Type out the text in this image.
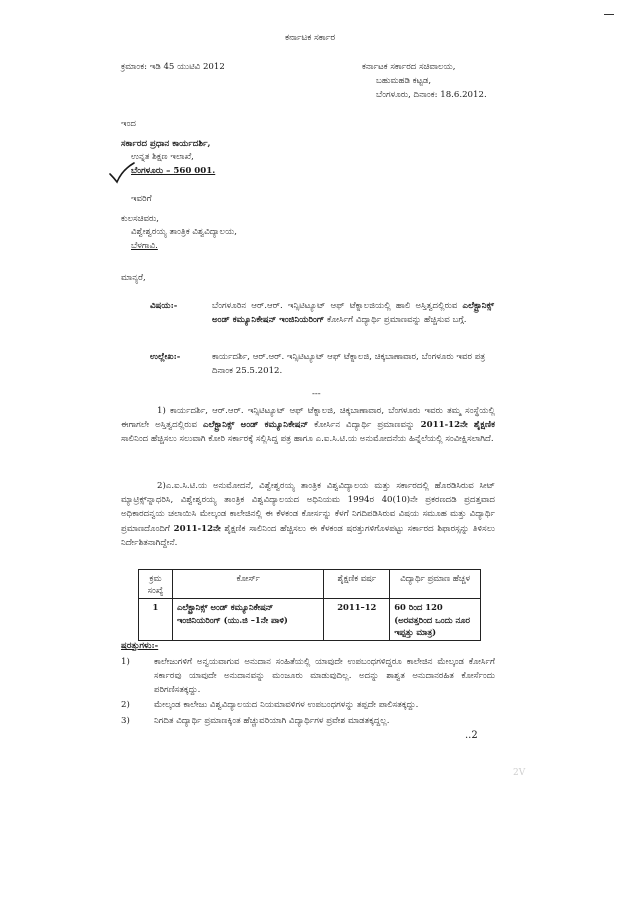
ಕರ್ನಾಟಕ ಸರ್ಕಾರ
ಕ್ರಮಾಂಕ: ಇಡಿ 45 ಯುಟಿವಿ 2012	ಕರ್ನಾಟಕ ಸರ್ಕಾರದ ಸಚಿವಾಲಯ,
ಬಹುಮಹಡಿ ಕಟ್ಟಡ,
ಬೆಂಗಳೂರು, ದಿನಾಂಕ: 18.6.2012.
ಇಂದ
ಸರ್ಕಾರದ ಪ್ರಧಾನ ಕಾರ್ಯದರ್ಶಿ,
ಉನ್ನತ ಶಿಕ್ಷಣ ಇಲಾಖೆ,
ಬೆಂಗಳೂರು – 560 001.
ಇವರಿಗೆ
ಕುಲಸಚಿವರು,
ವಿಶ್ವೇಶ್ವರಯ್ಯ ತಾಂತ್ರಿಕ ವಿಶ್ವವಿದ್ಯಾಲಯ,
ಬೆಳಗಾವಿ.
ಮಾನ್ಯರೆ,
ವಿಷಯ:-	ಬೆಂಗಳೂರಿನ ಆರ್.ಆರ್. ಇನ್ಸಿಟಿಟ್ಯೂಟ್ ಆಫ್ ಟೆಕ್ನಾಲಜಿಯಲ್ಲಿ ಹಾಲಿ ಅಸ್ತಿತ್ವದಲ್ಲಿರುವ ಎಲೆಕ್ಟ್ರಾನಿಕ್ಸ್ ಅಂಡ್ ಕಮ್ಯೂನಿಕೇಷನ್ ಇಂಜಿನಿಯರಿಂಗ್ ಕೋರ್ಸಿಗೆ ವಿದ್ಯಾರ್ಥಿ ಪ್ರಮಾಣವನ್ನು ಹೆಚ್ಚಿಸುವ ಬಗ್ಗೆ.
ಉಲ್ಲೇಖ:-	ಕಾರ್ಯದರ್ಶಿ, ಆರ್.ಆರ್. ಇನ್ಸಿಟಿಟ್ಯೂಟ್ ಆಫ್ ಟೆಕ್ನಾಲಜಿ, ಚಿಕ್ಕಬಾಣಾವಾರ, ಬೆಂಗಳೂರು ಇವರ ಪತ್ರ ದಿನಾಂಕ 25.5.2012.
---
1) ಕಾರ್ಯದರ್ಶಿ, ಆರ್.ಆರ್. ಇನ್ಸಿಟಿಟ್ಯೂಟ್ ಆಫ್ ಟೆಕ್ನಾಲಜಿ, ಚಿಕ್ಕಬಾಣಾವಾರ, ಬೆಂಗಳೂರು ಇವರು ತಮ್ಮ ಸಂಸ್ಥೆಯಲ್ಲಿ ಈಗಾಗಲೇ ಅಸ್ತಿತ್ವದಲ್ಲಿರುವ ಎಲೆಕ್ಟ್ರಾನಿಕ್ಸ್ ಅಂಡ್ ಕಮ್ಯೂನಿಕೇಷನ್ ಕೋರ್ಸಿನ ವಿದ್ಯಾರ್ಥಿ ಪ್ರಮಾಣವನ್ನು 2011-12ನೇ ಶೈಕ್ಷಣಿಕ ಸಾಲಿನಿಂದ ಹೆಚ್ಚಿಸಲು ಸಲುವಾಗಿ ಕೋರಿ ಸರ್ಕಾರಕ್ಕೆ ಸಲ್ಲಿಸಿದ್ದ ಪತ್ರ ಹಾಗೂ ಎ.ಐ.ಸಿ.ಟಿ.ಯ ಅನುಮೋದನೆಯ ಹಿನ್ನೆಲೆಯಲ್ಲಿ ಸಂವೀಕ್ಷಿಸಲಾಗಿದೆ.
2)ಎ.ಐ.ಸಿ.ಟಿ.ಯ ಅನುಮೋದನೆ, ವಿಶ್ವೇಶ್ವರಯ್ಯ ತಾಂತ್ರಿಕ ವಿಶ್ವವಿದ್ಯಾಲಯ ಮತ್ತು ಸರ್ಕಾರದಲ್ಲಿ ಹೊರಡಿಸಿರುವ ಸೀಟ್ ಮ್ಯಾಟ್ರಿಕ್ಸ್‌ನ್ನಾಧರಿಸಿ, ವಿಶ್ವೇಶ್ವರಯ್ಯ ತಾಂತ್ರಿಕ ವಿಶ್ವವಿದ್ಯಾಲಯದ ಅಧಿನಿಯಮ 1994ರ 40(10)ನೇ ಪ್ರಕರಣದಡಿ ಪ್ರದತ್ತವಾದ ಅಧಿಕಾರದನ್ವಯ ಚಲಾಯಿಸಿ ಮೇಲ್ಕಂಡ ಕಾಲೇಜಿನಲ್ಲಿ ಈ ಕೆಳಕಂಡ ಕೋರ್ಸನ್ನು ಕೆಳಗೆ ನಿಗದಿಪಡಿಸಿರುವ ವಿಷಯ ಸಮೂಹ ಮತ್ತು ವಿದ್ಯಾರ್ಥಿ ಪ್ರಮಾಣದೊಂದಿಗೆ 2011-12ನೇ ಶೈಕ್ಷಣಿಕ ಸಾಲಿನಿಂದ ಹೆಚ್ಚಿಸಲು ಈ ಕೆಳಕಂಡ ಷರತ್ತುಗಳಿಗೊಳಪಟ್ಟು ಸರ್ಕಾರದ ಶಿಫಾರಸ್ಸನ್ನು ತಿಳಿಸಲು ನಿರ್ದೇಶಿತನಾಗಿದ್ದೇನೆ.
ಕ್ರಮ ಸಂಖ್ಯೆ	ಕೋರ್ಸ್	ಶೈಕ್ಷಣಿಕ ವರ್ಷ	ವಿದ್ಯಾರ್ಥಿ ಪ್ರಮಾಣ ಹೆಚ್ಚಳ
1	ಎಲೆಕ್ಟ್ರಾನಿಕ್ಸ್ ಅಂಡ್ ಕಮ್ಯೂನಿಕೇಷನ್ ಇಂಜಿನಿಯರಿಂಗ್ (ಯು.ಜಿ –1ನೇ ಪಾಳಿ)	2011–12	60 ರಿಂದ 120
(ಅರವತ್ತರಿಂದ ಒಂದು ನೂರ ಇಪ್ಪತ್ತು ಮಾತ್ರ)
ಷರತ್ತುಗಳು:-
1)	ಕಾಲೇಜುಗಳಿಗೆ ಅನ್ವಯವಾಗುವ ಅನುದಾನ ಸಂಹಿತೆಯಲ್ಲಿ ಯಾವುದೇ ಉಪಬಂಧಗಳಿದ್ದರೂ ಕಾಲೇಜಿನ ಮೇಲ್ಕಂಡ ಕೋರ್ಸಿಗೆ ಸರ್ಕಾರವು ಯಾವುದೇ ಅನುದಾನವನ್ನು ಮಂಜೂರು ಮಾಡುವುದಿಲ್ಲ. ಅದನ್ನು ಶಾಶ್ವತ ಅನುದಾನರಹಿತ ಕೋರ್ಸೆಂದು ಪರಿಗಣಿಸತಕ್ಕದ್ದು.
2)	ಮೇಲ್ಕಂಡ ಕಾಲೇಜು ವಿಶ್ವವಿದ್ಯಾಲಯದ ನಿಯಮಾವಳಿಗಳ ಉಪಬಂಧಗಳನ್ನು ತಪ್ಪದೇ ಪಾಲಿಸತಕ್ಕದ್ದು.
3)	ನಿಗದಿತ ವಿದ್ಯಾರ್ಥಿ ಪ್ರಮಾಣಕ್ಕಿಂತ ಹೆಚ್ಚುವರಿಯಾಗಿ ವಿದ್ಯಾರ್ಥಿಗಳ ಪ್ರವೇಶ ಮಾಡತಕ್ಕದ್ದಲ್ಲ.
..2
2V
